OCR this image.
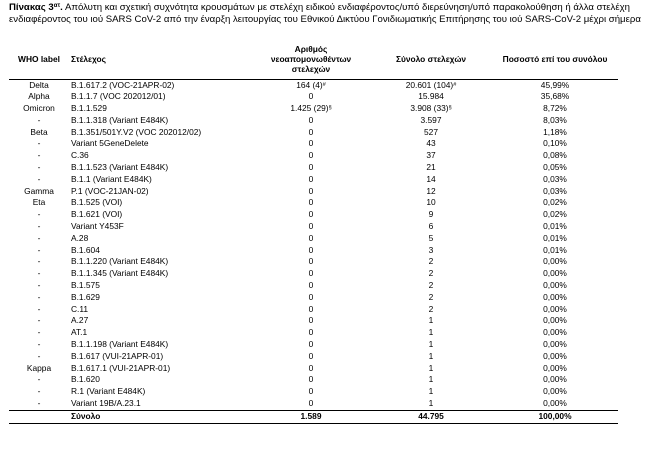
Πίνακας $3^{\alpha\tau}$. Απόλυτη και σχετική συχνότητα κρουσμάτων με στελέχη ειδικού ενδιαφέροντος/υπό διερεύνηση/υπό παρακολούθηση ή άλλα στελέχη ενδιαφέροντος του ιού SARS CoV-2 από την έναρξη λειτουργίας του Εθνικού Δικτύου Γονιδιωματικής Επιτήρησης του ιού SARS-CoV-2 μέχρι σήμερα
WHO label	Στέλεχος	Αριθμός νεοαπομονωθέντων στελεχών	Σύνολο στελεχών	Ποσοστό επί του συνόλου
Delta	B.1.617.2 (VOC-21APR-02)	164 (4)#	20.601 (104)#	45,99%
Alpha	B.1.1.7 (VOC 202012/01)	0	15.984	35,68%
Omicron	B.1.1.529	1.425 (29)§	3.908 (33)§	8,72%
-	B.1.1.318 (Variant E484K)	0	3.597	8,03%
Beta	B.1.351/501Y.V2 (VOC 202012/02)	0	527	1,18%
-	Variant 5GeneDelete	0	43	0,10%
-	C.36	0	37	0,08%
-	B.1.1.523 (Variant E484K)	0	21	0,05%
-	B.1.1 (Variant E484K)	0	14	0,03%
Gamma	P.1 (VOC-21JAN-02)	0	12	0,03%
Eta	B.1.525 (VOI)	0	10	0,02%
-	B.1.621 (VOI)	0	9	0,02%
-	Variant Y453F	0	6	0,01%
-	A.28	0	5	0,01%
-	B.1.604	0	3	0,01%
-	B.1.1.220 (Variant E484K)	0	2	0,00%
-	B.1.1.345 (Variant E484K)	0	2	0,00%
-	B.1.575	0	2	0,00%
-	B.1.629	0	2	0,00%
-	C.11	0	2	0,00%
-	A.27	0	1	0,00%
-	AT.1	0	1	0,00%
-	B.1.1.198 (Variant E484K)	0	1	0,00%
-	B.1.617 (VUI-21APR-01)	0	1	0,00%
Kappa	B.1.617.1 (VUI-21APR-01)	0	1	0,00%
-	B.1.620	0	1	0,00%
-	R.1 (Variant E484K)	0	1	0,00%
-	Variant 19B/A.23.1	0	1	0,00%
	Σύνολο	1.589	44.795	100,00%
